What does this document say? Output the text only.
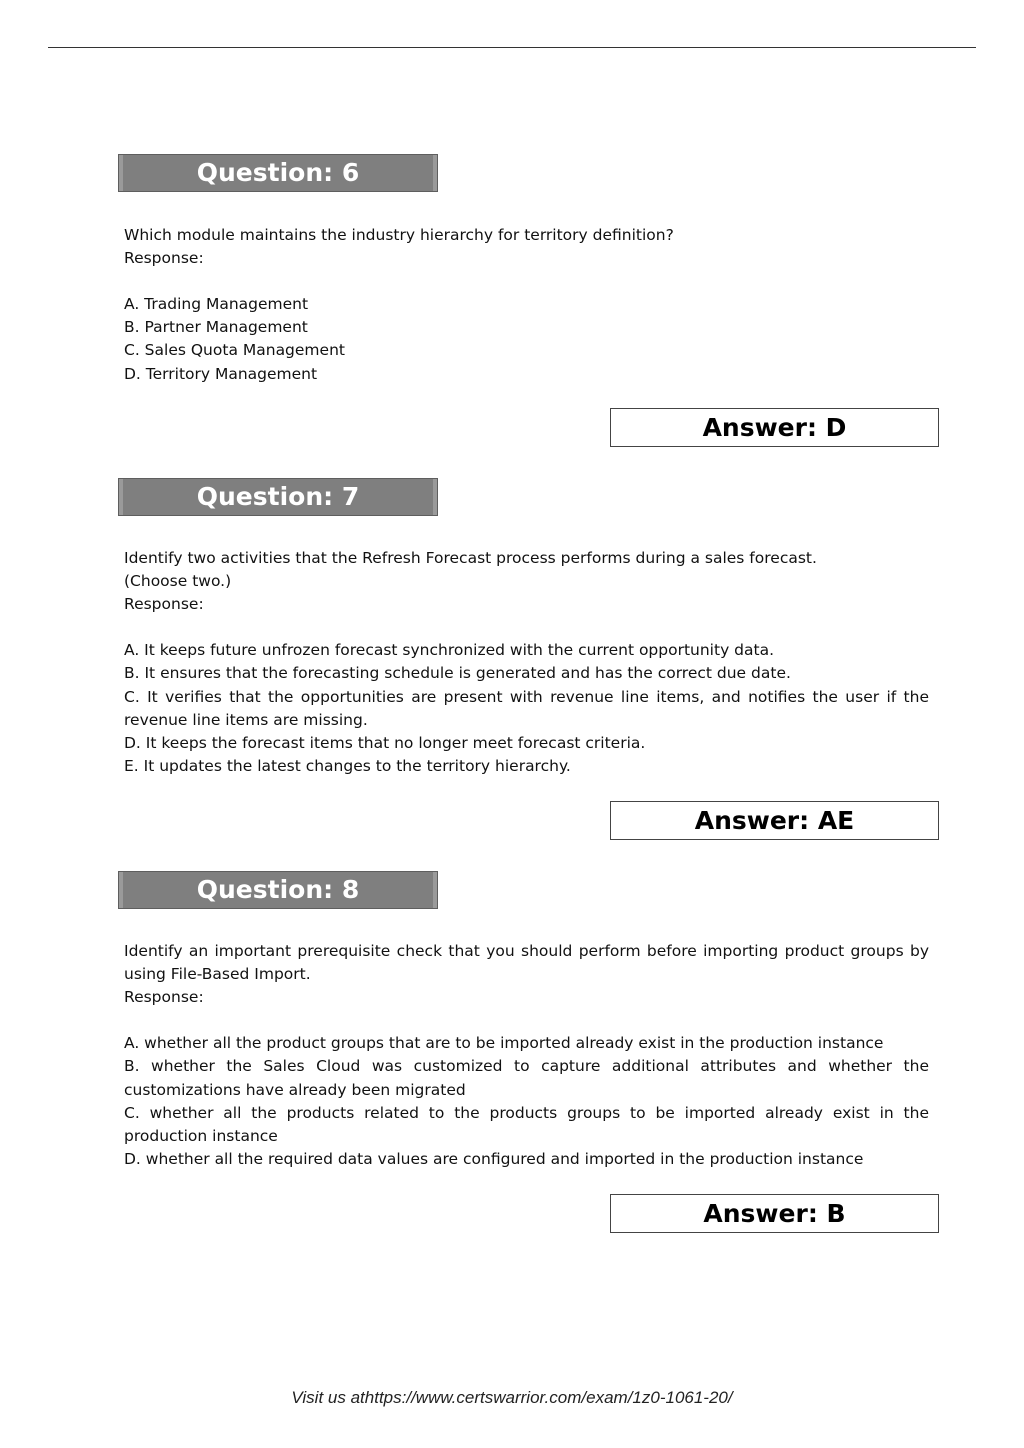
Question: 6

Which module maintains the industry hierarchy for territory definition?

Response:

A. Trading Management

B. Partner Management

C. Sales Quota Management

D. Territory Management

Answer: D
Question: 7

Identify two activities that the Refresh Forecast process performs during a sales forecast.

(Choose two.)

Response:

A. It keeps future unfrozen forecast synchronized with the current opportunity data.

B. It ensures that the forecasting schedule is generated and has the correct due date.

C. It verifies that the opportunities are present with revenue line items, and notifies the user if the revenue line items are missing.

D. It keeps the forecast items that no longer meet forecast criteria.

E. It updates the latest changes to the territory hierarchy.

Answer: AE
Question: 8

Identify an important prerequisite check that you should perform before importing product groups by using File-Based Import.

Response:

A. whether all the product groups that are to be imported already exist in the production instance

B. whether the Sales Cloud was customized to capture additional attributes and whether the customizations have already been migrated

C. whether all the products related to the products groups to be imported already exist in the production instance

D. whether all the required data values are configured and imported in the production instance

Answer: B
Visit us athttps://www.certswarrior.com/exam/1z0-1061-20/
